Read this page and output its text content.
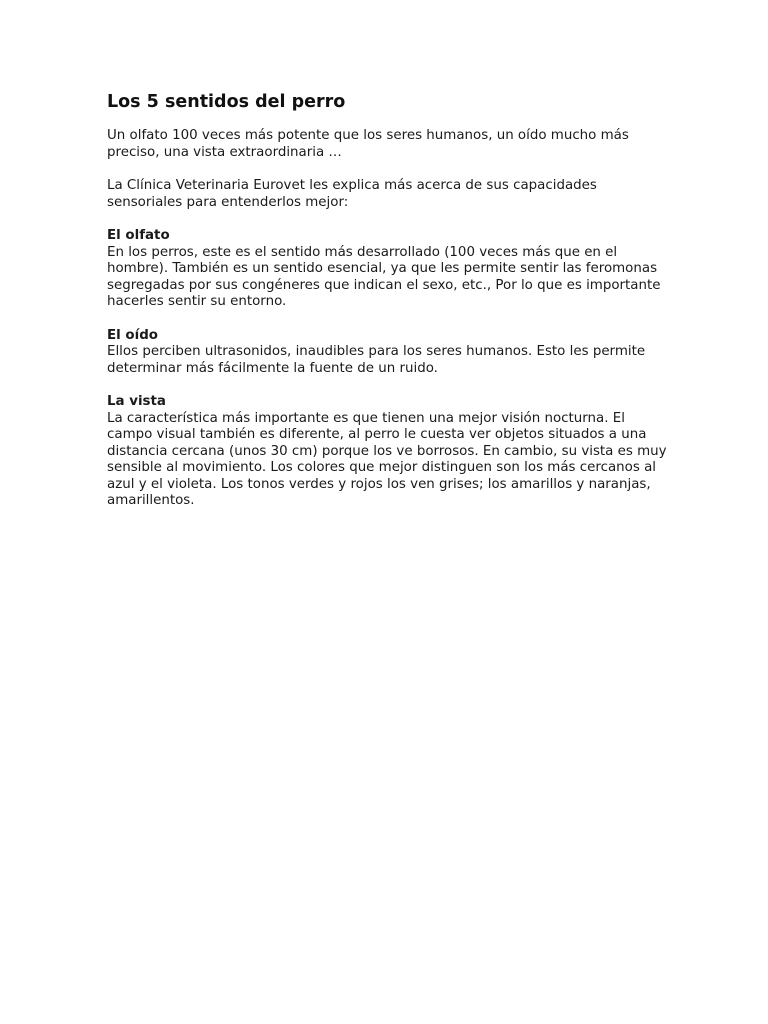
Los 5 sentidos del perro

Un olfato 100 veces más potente que los seres humanos, un oído mucho más preciso, una vista extraordinaria …

La Clínica Veterinaria Eurovet les explica más acerca de sus capacidades sensoriales para entenderlos mejor:

El olfato

En los perros, este es el sentido más desarrollado (100 veces más que en el hombre). También es un sentido esencial, ya que les permite sentir las feromonas segregadas por sus congéneres que indican el sexo, etc., Por lo que es importante hacerles sentir su entorno.

El oído

Ellos perciben ultrasonidos, inaudibles para los seres humanos. Esto les permite determinar más fácilmente la fuente de un ruido.

La vista

La característica más importante es que tienen una mejor visión nocturna. El campo visual también es diferente, al perro le cuesta ver objetos situados a una distancia cercana (unos 30 cm) porque los ve borrosos. En cambio, su vista es muy sensible al movimiento. Los colores que mejor distinguen son los más cercanos al azul y el violeta. Los tonos verdes y rojos los ven grises; los amarillos y naranjas, amarillentos.
